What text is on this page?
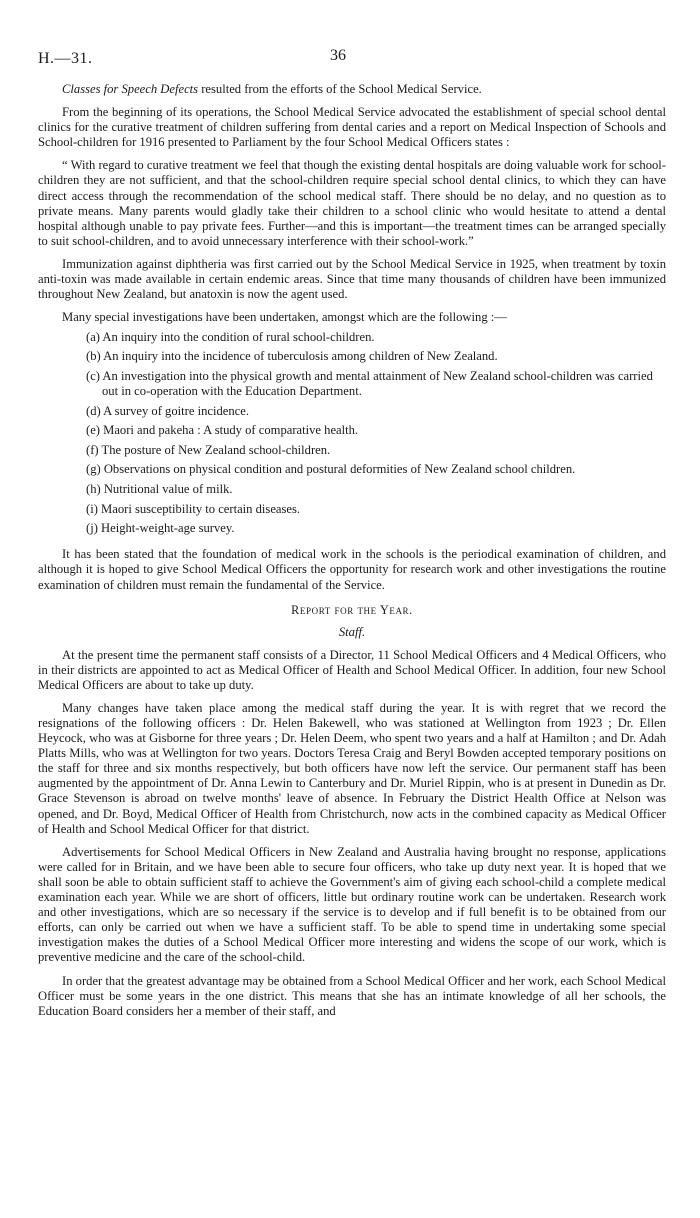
H.—31.	36

Classes for Speech Defects resulted from the efforts of the School Medical Service.

From the beginning of its operations, the School Medical Service advocated the establishment of special school dental clinics for the curative treatment of children suffering from dental caries and a report on Medical Inspection of Schools and School-children for 1916 presented to Parliament by the four School Medical Officers states :

“ With regard to curative treatment we feel that though the existing dental hospitals are doing valuable work for school-children they are not sufficient, and that the school-children require special school dental clinics, to which they can have direct access through the recommendation of the school medical staff. There should be no delay, and no question as to private means. Many parents would gladly take their children to a school clinic who would hesitate to attend a dental hospital although unable to pay private fees. Further—and this is important—the treatment times can be arranged specially to suit school-children, and to avoid unnecessary interference with their school-work.”

Immunization against diphtheria was first carried out by the School Medical Service in 1925, when treatment by toxin anti-toxin was made available in certain endemic areas. Since that time many thousands of children have been immunized throughout New Zealand, but anatoxin is now the agent used.

Many special investigations have been undertaken, amongst which are the following :—

(a) An inquiry into the condition of rural school-children.
(b) An inquiry into the incidence of tuberculosis among children of New Zealand.
(c) An investigation into the physical growth and mental attainment of New Zealand school-children was carried out in co-operation with the Education Department.
(d) A survey of goitre incidence.
(e) Maori and pakeha : A study of comparative health.
(f) The posture of New Zealand school-children.
(g) Observations on physical condition and postural deformities of New Zealand school children.
(h) Nutritional value of milk.
(i) Maori susceptibility to certain diseases.
(j) Height-weight-age survey.

It has been stated that the foundation of medical work in the schools is the periodical examination of children, and although it is hoped to give School Medical Officers the opportunity for research work and other investigations the routine examination of children must remain the fundamental of the Service.

Report for the Year.
Staff.

At the present time the permanent staff consists of a Director, 11 School Medical Officers and 4 Medical Officers, who in their districts are appointed to act as Medical Officer of Health and School Medical Officer. In addition, four new School Medical Officers are about to take up duty.

Many changes have taken place among the medical staff during the year. It is with regret that we record the resignations of the following officers : Dr. Helen Bakewell, who was stationed at Wellington from 1923 ; Dr. Ellen Heycock, who was at Gisborne for three years ; Dr. Helen Deem, who spent two years and a half at Hamilton ; and Dr. Adah Platts Mills, who was at Wellington for two years. Doctors Teresa Craig and Beryl Bowden accepted temporary positions on the staff for three and six months respectively, but both officers have now left the service. Our permanent staff has been augmented by the appointment of Dr. Anna Lewin to Canterbury and Dr. Muriel Rippin, who is at present in Dunedin as Dr. Grace Stevenson is abroad on twelve months' leave of absence. In February the District Health Office at Nelson was opened, and Dr. Boyd, Medical Officer of Health from Christchurch, now acts in the combined capacity as Medical Officer of Health and School Medical Officer for that district.

Advertisements for School Medical Officers in New Zealand and Australia having brought no response, applications were called for in Britain, and we have been able to secure four officers, who take up duty next year. It is hoped that we shall soon be able to obtain sufficient staff to achieve the Government's aim of giving each school-child a complete medical examination each year. While we are short of officers, little but ordinary routine work can be undertaken. Research work and other investigations, which are so necessary if the service is to develop and if full benefit is to be obtained from our efforts, can only be carried out when we have a sufficient staff. To be able to spend time in undertaking some special investigation makes the duties of a School Medical Officer more interesting and widens the scope of our work, which is preventive medicine and the care of the school-child.

In order that the greatest advantage may be obtained from a School Medical Officer and her work, each School Medical Officer must be some years in the one district. This means that she has an intimate knowledge of all her schools, the Education Board considers her a member of their staff, and
